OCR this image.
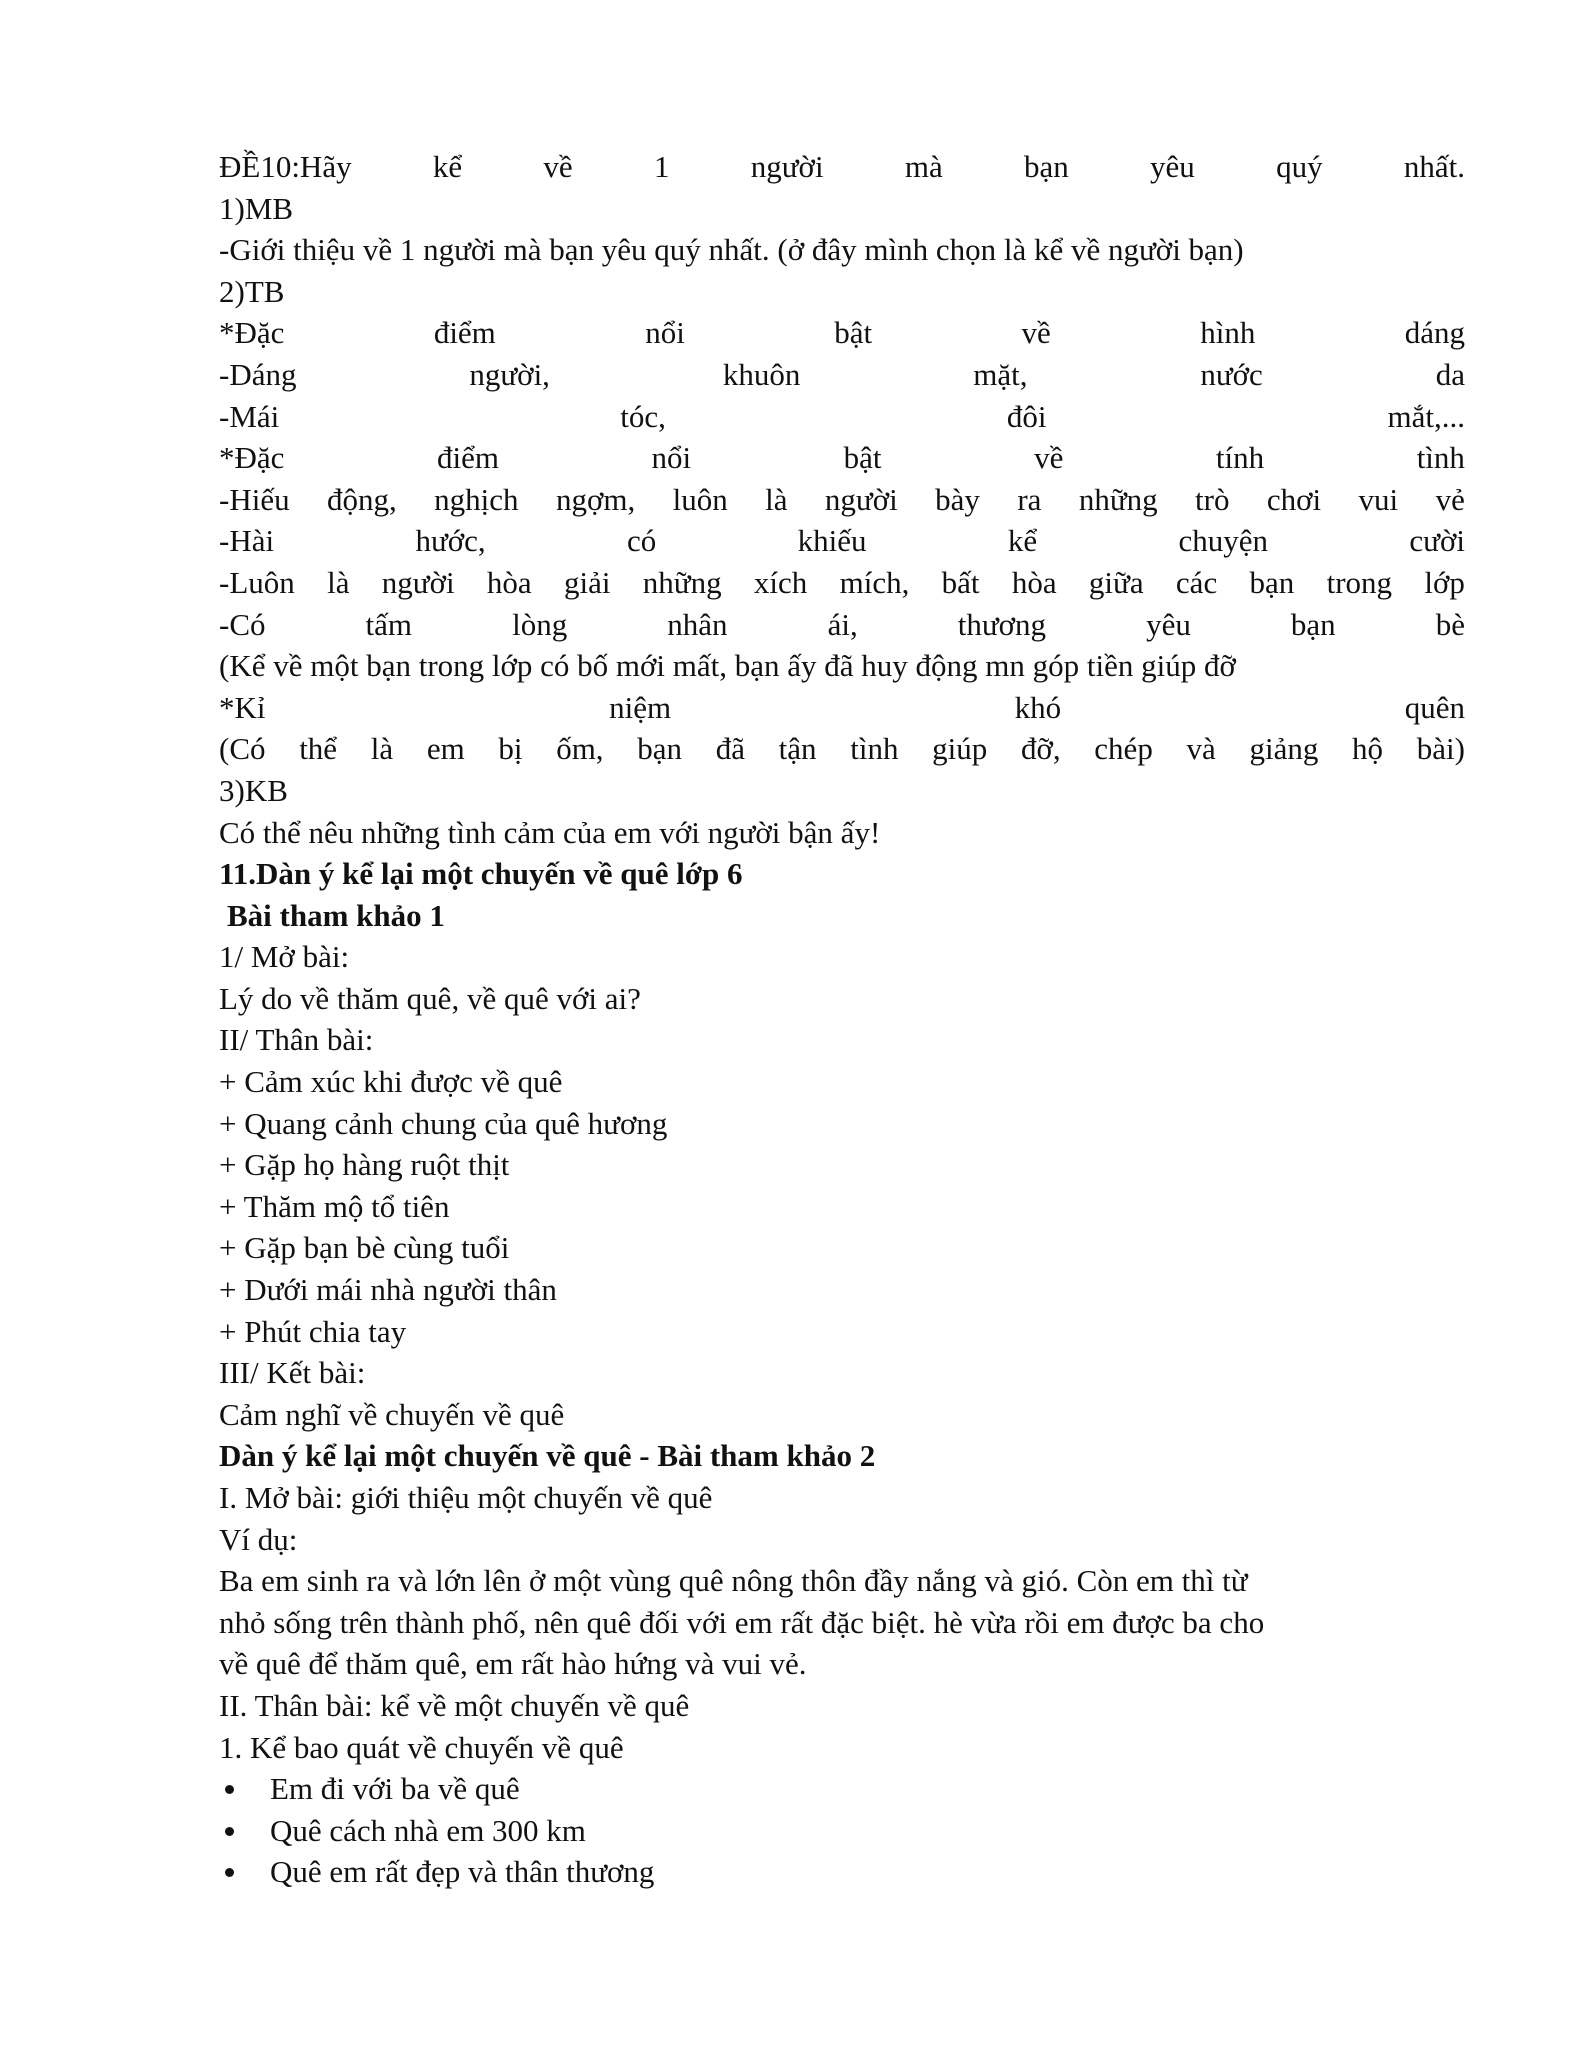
ĐỀ10:Hãy	kể	về	1	người	mà	bạn	yêu	quý	nhất.
1)MB
-Giới thiệu về 1 người mà bạn yêu quý nhất. (ở đây mình chọn là kể về người bạn)
2)TB
*Đặc	điểm	nổi	bật	về	hình	dáng
-Dáng	người,	khuôn	mặt,	nước	da
-Mái	tóc,	đôi	mắt,...
*Đặc	điểm	nổi	bật	về	tính	tình
-Hiếu động, nghịch ngợm, luôn là người bày ra những trò chơi vui vẻ
-Hài	hước,	có	khiếu	kể	chuyện	cười
-Luôn là người hòa giải những xích mích, bất hòa giữa các bạn trong lớp
-Có	tấm	lòng	nhân	ái,	thương	yêu	bạn	bè
(Kể về một bạn trong lớp có bố mới mất, bạn ấy đã huy động mn góp tiền giúp đỡ
*Kỉ	niệm	khó	quên
(Có thể là em bị ốm, bạn đã tận tình giúp đỡ, chép và giảng hộ bài)
3)KB
Có thể nêu những tình cảm của em với người bận ấy!
11.Dàn ý kể lại một chuyến về quê lớp 6
Bài tham khảo 1
1/ Mở bài:
Lý do về thăm quê, về quê với ai?
II/ Thân bài:
+ Cảm xúc khi được về quê
+ Quang cảnh chung của quê hương
+ Gặp họ hàng ruột thịt
+ Thăm mộ tổ tiên
+ Gặp bạn bè cùng tuổi
+ Dưới mái nhà người thân
+ Phút chia tay
III/ Kết bài:
Cảm nghĩ về chuyến về quê
Dàn ý kể lại một chuyến về quê - Bài tham khảo 2
I. Mở bài: giới thiệu một chuyến về quê
Ví dụ:
Ba em sinh ra và lớn lên ở một vùng quê nông thôn đầy nắng và gió. Còn em thì từ
nhỏ sống trên thành phố, nên quê đối với em rất đặc biệt. hè vừa rồi em được ba cho
về quê để thăm quê, em rất hào hứng và vui vẻ.
II. Thân bài: kể về một chuyến về quê
1. Kể bao quát về chuyến về quê
Em đi với ba về quê
Quê cách nhà em 300 km
Quê em rất đẹp và thân thương
